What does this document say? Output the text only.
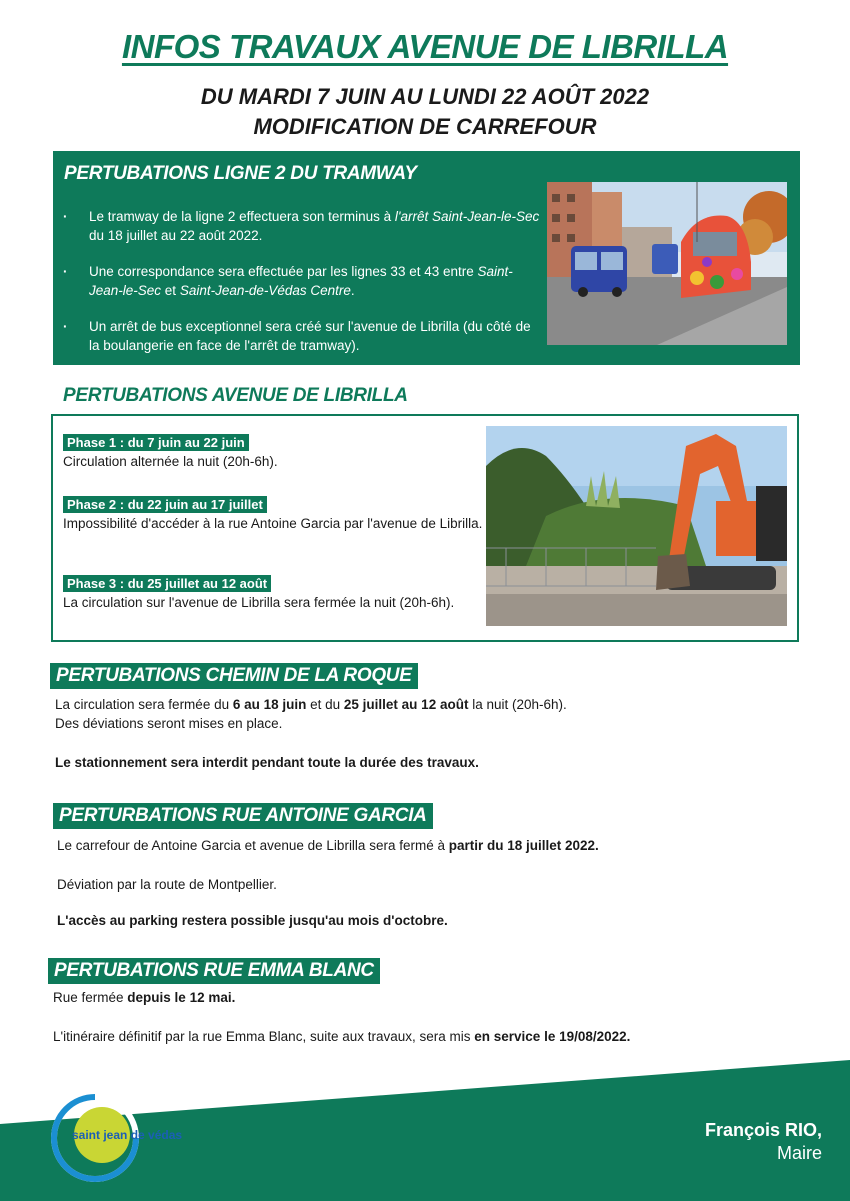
INFOS TRAVAUX AVENUE DE LIBRILLA
DU MARDI 7 JUIN AU LUNDI 22 AOÛT 2022
MODIFICATION DE CARREFOUR
PERTUBATIONS LIGNE 2 DU TRAMWAY
· Le tramway de la ligne 2 effectuera son terminus à l'arrêt Saint-Jean-le-Sec du 18 juillet au 22 août 2022.
· Une correspondance sera effectuée par les lignes 33 et 43 entre Saint-Jean-le-Sec et Saint-Jean-de-Védas Centre.
· Un arrêt de bus exceptionnel sera créé sur l'avenue de Librilla (du côté de la boulangerie en face de l'arrêt de tramway).
PERTUBATIONS AVENUE DE LIBRILLA
Phase 1 : du 7 juin au 22 juin
Circulation alternée la nuit (20h-6h).
Phase 2 : du 22 juin au 17 juillet
Impossibilité d'accéder à la rue Antoine Garcia par l'avenue de Librilla.
Phase 3 : du 25 juillet au 12 août
La circulation sur l'avenue de Librilla sera fermée la nuit (20h-6h).
PERTUBATIONS CHEMIN DE LA ROQUE
La circulation sera fermée du 6 au 18 juin et du 25 juillet au 12 août la nuit (20h-6h).
Des déviations seront mises en place.
Le stationnement sera interdit pendant toute la durée des travaux.
PERTURBATIONS RUE ANTOINE GARCIA
Le carrefour de Antoine Garcia et avenue de Librilla sera fermé à partir du 18 juillet 2022.
Déviation par la route de Montpellier.
L'accès au parking restera possible jusqu'au mois d'octobre.
PERTUBATIONS RUE EMMA BLANC
Rue fermée depuis le 12 mai.
L'itinéraire définitif par la rue Emma Blanc, suite aux travaux, sera mis en service le 19/08/2022.
saint jean de védas	François RIO,
Maire
